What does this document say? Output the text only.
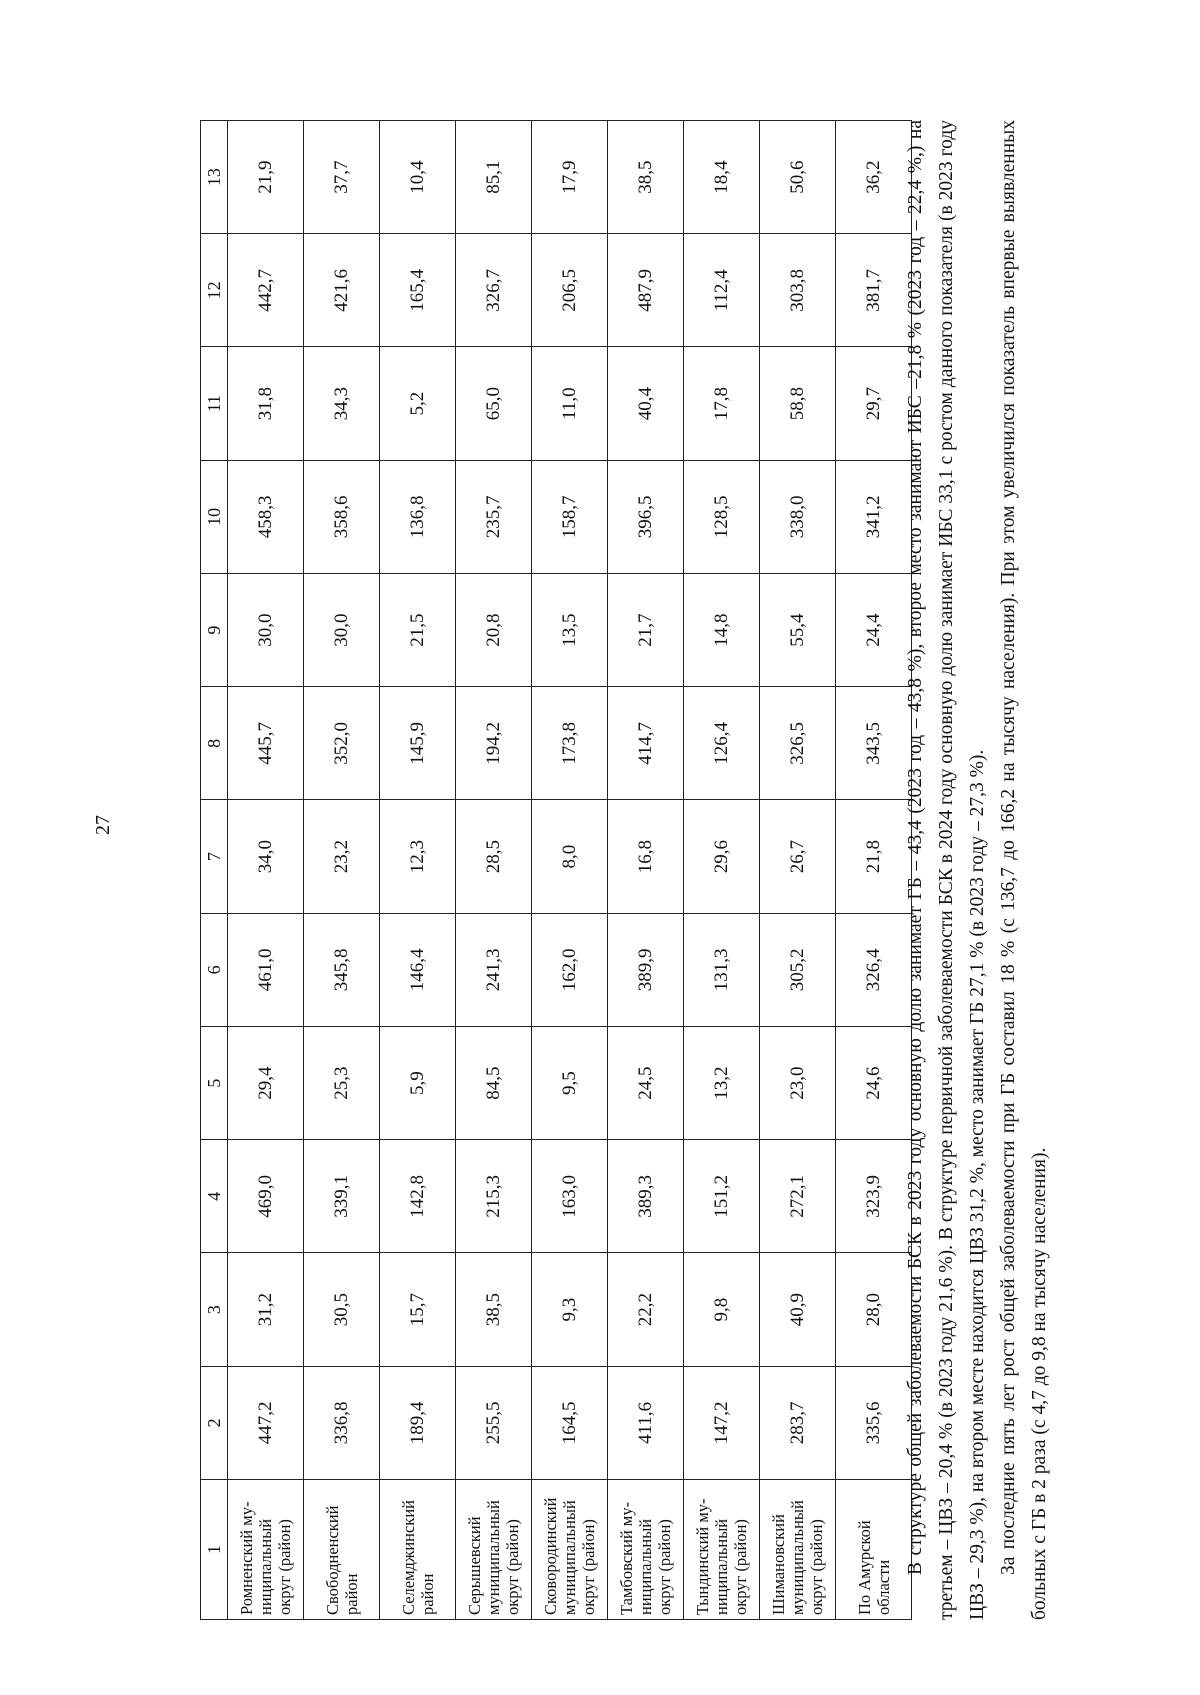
27
1	2	3	4	5	6	7	8	9	10	11	12	13
Ромненский му-ниципальный округ (район)	447,2	31,2	469,0	29,4	461,0	34,0	445,7	30,0	458,3	31,8	442,7	21,9
Свободненский район	336,8	30,5	339,1	25,3	345,8	23,2	352,0	30,0	358,6	34,3	421,6	37,7
Селемджинский район	189,4	15,7	142,8	5,9	146,4	12,3	145,9	21,5	136,8	5,2	165,4	10,4
Серышевский муниципальный округ (район)	255,5	38,5	215,3	84,5	241,3	28,5	194,2	20,8	235,7	65,0	326,7	85,1
Сковородинский муниципальный округ (район)	164,5	9,3	163,0	9,5	162,0	8,0	173,8	13,5	158,7	11,0	206,5	17,9
Тамбовский му-ниципальный округ (район)	411,6	22,2	389,3	24,5	389,9	16,8	414,7	21,7	396,5	40,4	487,9	38,5
Тындинский му-ниципальный округ (район)	147,2	9,8	151,2	13,2	131,3	29,6	126,4	14,8	128,5	17,8	112,4	18,4
Шимановский муниципальный округ (район)	283,7	40,9	272,1	23,0	305,2	26,7	326,5	55,4	338,0	58,8	303,8	50,6
По Амурской области	335,6	28,0	323,9	24,6	326,4	21,8	343,5	24,4	341,2	29,7	381,7	36,2 В структуре общей заболеваемости БСК в 2023 году основную долю занимает ГБ – 43,4 (2023 год – 43,8 %), второе место занимают ИБС –21,8 % (2023 год – 22,4 %,) на третьем – ЦВЗ – 20,4 % (в 2023 году 21,6 %). В структуре первичной заболеваемости БСК в 2024 году основную долю занимает ИБС 33,1 с ростом данного показателя (в 2023 году ЦВЗ – 29,3 %), на втором месте находится ЦВЗ 31,2 %, место занимает ГБ 27,1 % (в 2023 году – 27,3 %). За последние пять лет рост общей заболеваемости при ГБ составил 18 % (с 136,7 до 166,2 на тысячу населения). При этом увеличился показатель впервые выявленных больных с ГБ в 2 раза (с 4,7 до 9,8 на тысячу населения).
